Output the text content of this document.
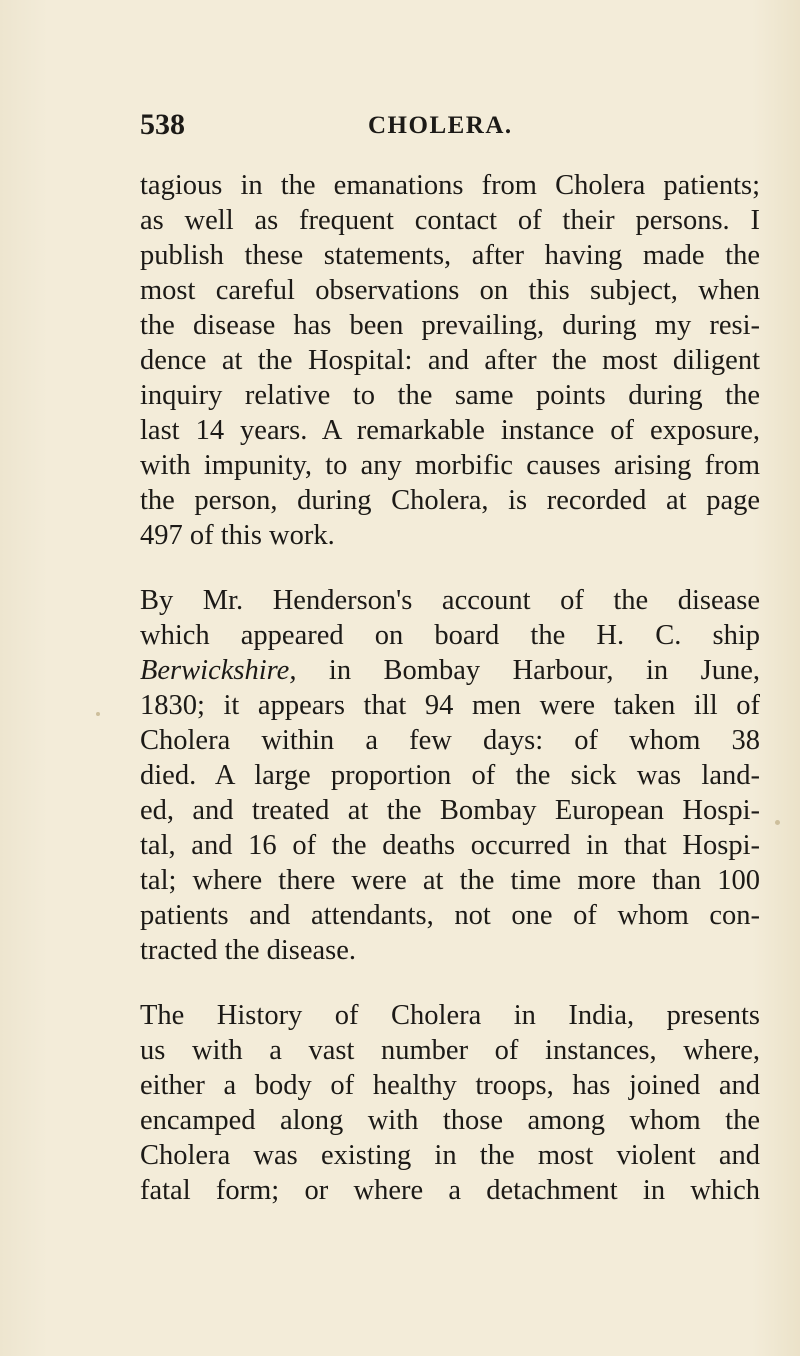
538	CHOLERA.
tagious in the emanations from Cholera patients;
as well as frequent contact of their persons. I
publish these statements, after having made the
most careful observations on this subject, when
the disease has been prevailing, during my resi-
dence at the Hospital: and after the most diligent
inquiry relative to the same points during the
last 14 years. A remarkable instance of exposure,
with impunity, to any morbific causes arising from
the person, during Cholera, is recorded at page
497 of this work.
By Mr. Henderson's account of the disease
which appeared on board the H. C. ship
Berwickshire, in Bombay Harbour, in June,
1830; it appears that 94 men were taken ill of
Cholera within a few days: of whom 38
died. A large proportion of the sick was land-
ed, and treated at the Bombay European Hospi-
tal, and 16 of the deaths occurred in that Hospi-
tal; where there were at the time more than 100
patients and attendants, not one of whom con-
tracted the disease.
The History of Cholera in India, presents
us with a vast number of instances, where,
either a body of healthy troops, has joined and
encamped along with those among whom the
Cholera was existing in the most violent and
fatal form; or where a detachment in which
